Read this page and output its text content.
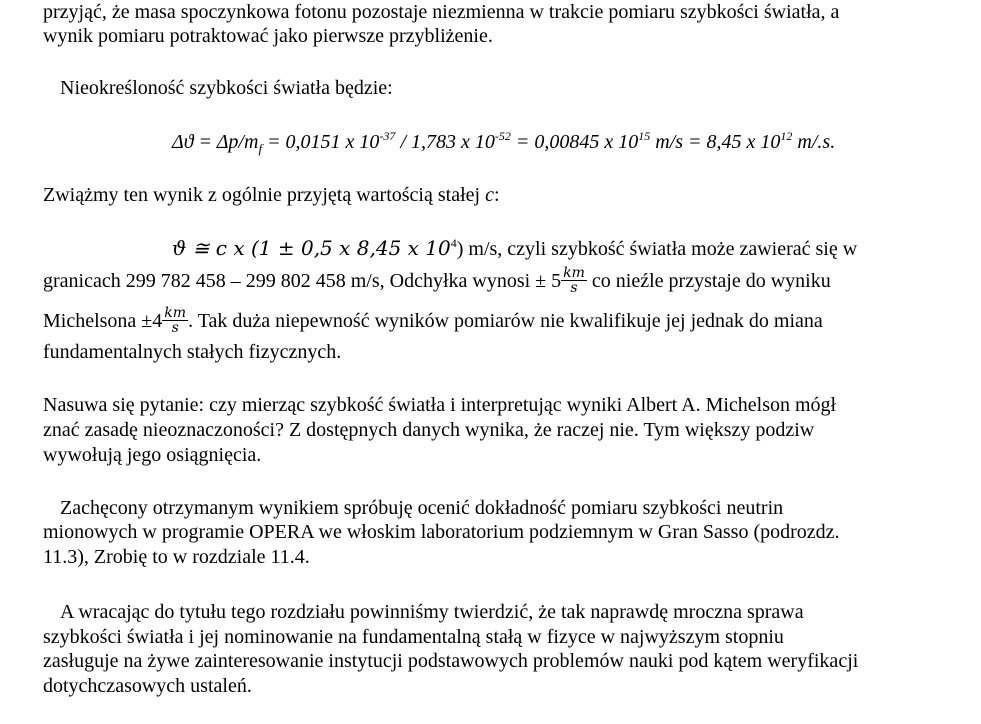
przyjąć, że masa spoczynkowa fotonu pozostaje niezmienna w trakcie pomiaru szybkości światła, a
wynik pomiaru potraktować jako pierwsze przybliżenie.
Nieokreśloność szybkości światła będzie:
$\Delta ϑ = \Delta p/m_f = 0,0151$ x $10^{-37} / 1,783$ x $10^{-52} = 0,00845$ x $10^{15}$ m/s = 8,45 x $10^{12}$ m/.s.
Zwiążmy ten wynik z ogólnie przyjętą wartością stałej c:
ϑ ≅ c x (1 ± 0,5 x 8,45 x $10^4$) m/s, czyli szybkość światła może zawierać się w
granicach 299 782 458 – 299 802 458 m/s, Odchyłka wynosi ± $5 \frac{km}{s}$ co nieźle przystaje do wyniku
Michelsona $\pm 4 \frac{km}{s}$ . Tak duża niepewność wyników pomiarów nie kwalifikuje jej jednak do miana
fundamentalnych stałych fizycznych.
Nasuwa się pytanie: czy mierząc szybkość światła i interpretując wyniki Albert A. Michelson mógł
znać zasadę nieoznaczoności? Z dostępnych danych wynika, że raczej nie. Tym większy podziw
wywołują jego osiągnięcia.
Zachęcony otrzymanym wynikiem spróbuję ocenić dokładność pomiaru szybkości neutrin
mionowych w programie OPERA we włoskim laboratorium podziemnym w Gran Sasso (podrozdz.
11.3), Zrobię to w rozdziale 11.4.
A wracając do tytułu tego rozdziału powinniśmy twierdzić, że tak naprawdę mroczna sprawa
szybkości światła i jej nominowanie na fundamentalną stałą w fizyce w najwyższym stopniu
zasługuje na żywe zainteresowanie instytucji podstawowych problemów nauki pod kątem weryfikacji
dotychczasowych ustaleń.
